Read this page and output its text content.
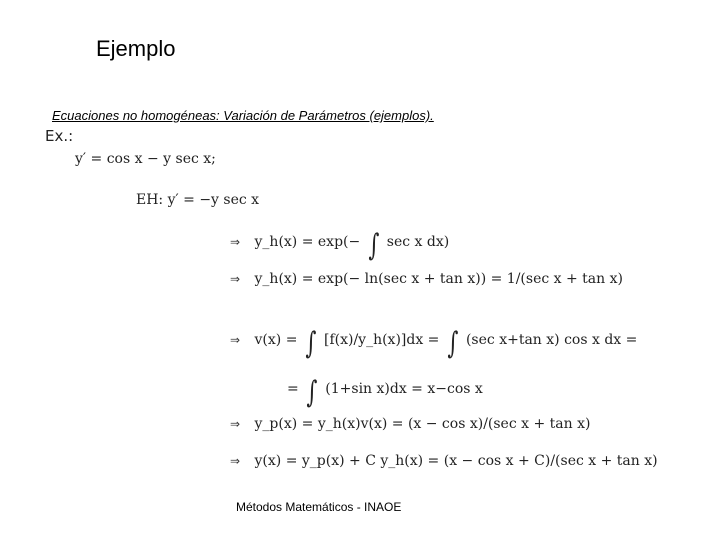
Ejemplo
Ecuaciones no homogéneas: Variación de Parámetros (ejemplos).
Ex.:
y′ = cos x − y sec x;
EH: y′ = −y sec x
⇒ y_h(x) = exp(− ∫ sec x dx)
⇒ y_h(x) = exp(− ln(sec x + tan x)) = 1/(sec x + tan x)
⇒ v(x) = ∫ [f(x)/y_h(x)]dx = ∫ (sec x+tan x) cos x dx =
= ∫ (1+sin x)dx = x−cos x
⇒ y_p(x) = y_h(x)v(x) = (x − cos x)/(sec x + tan x)
⇒ y(x) = y_p(x) + C y_h(x) = (x − cos x + C)/(sec x + tan x)
Métodos Matemáticos - INAOE
